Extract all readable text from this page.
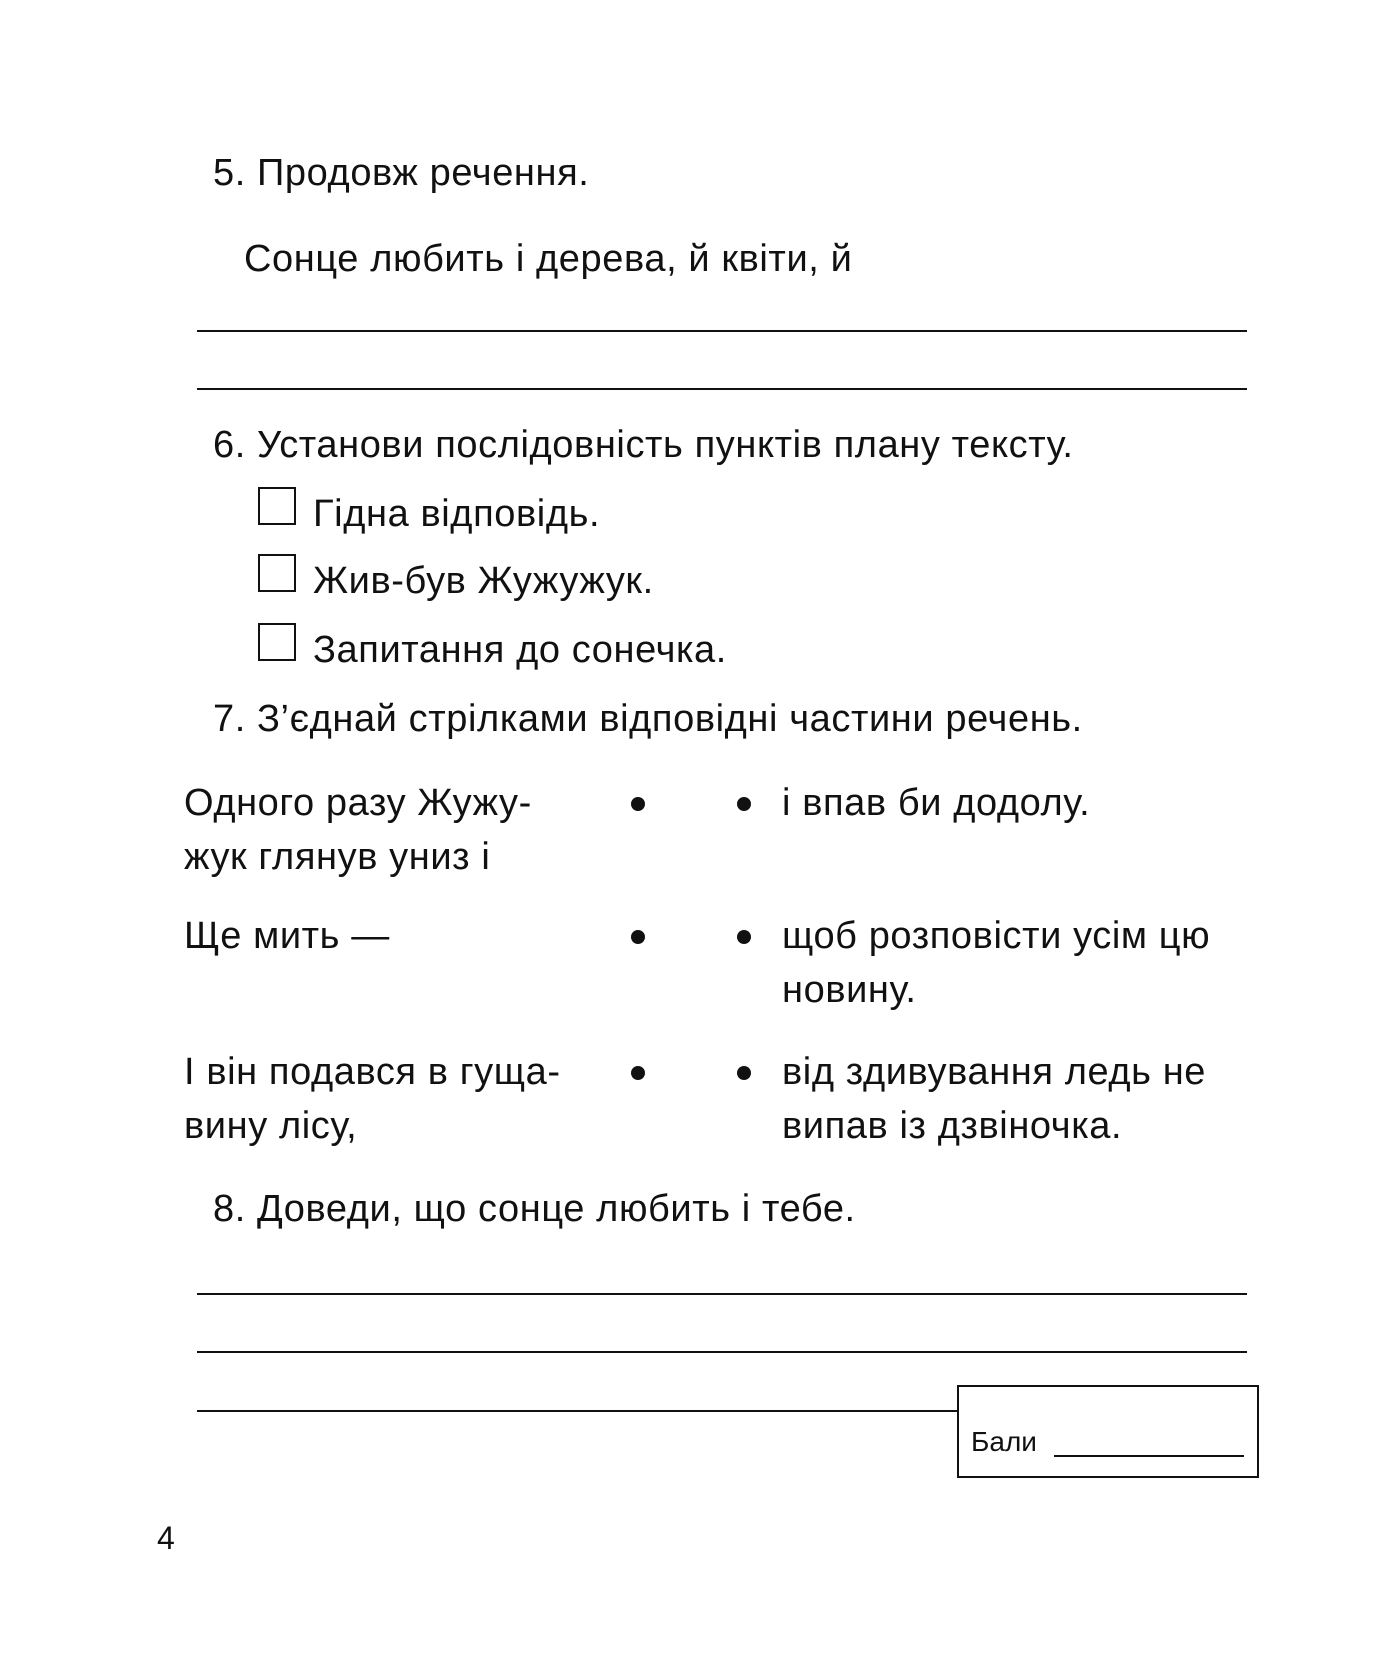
5. Продовж речення.
Сонце любить і дерева, й квіти, й
6. Установи послідовність пунктів плану тексту.
Гідна відповідь.
Жив-був Жужужук.
Запитання до сонечка.
7. З’єднай стрілками відповідні частини речень.
Одного разу Жужу-
жук глянув униз і
і впав би додолу.
Ще мить —	щоб розповісти усім цю
новину.
І він подався в гуща-
вину лісу,
від здивування ледь не
випав із дзвіночка.
8. Доведи, що сонце любить і тебе.
Бали
4
